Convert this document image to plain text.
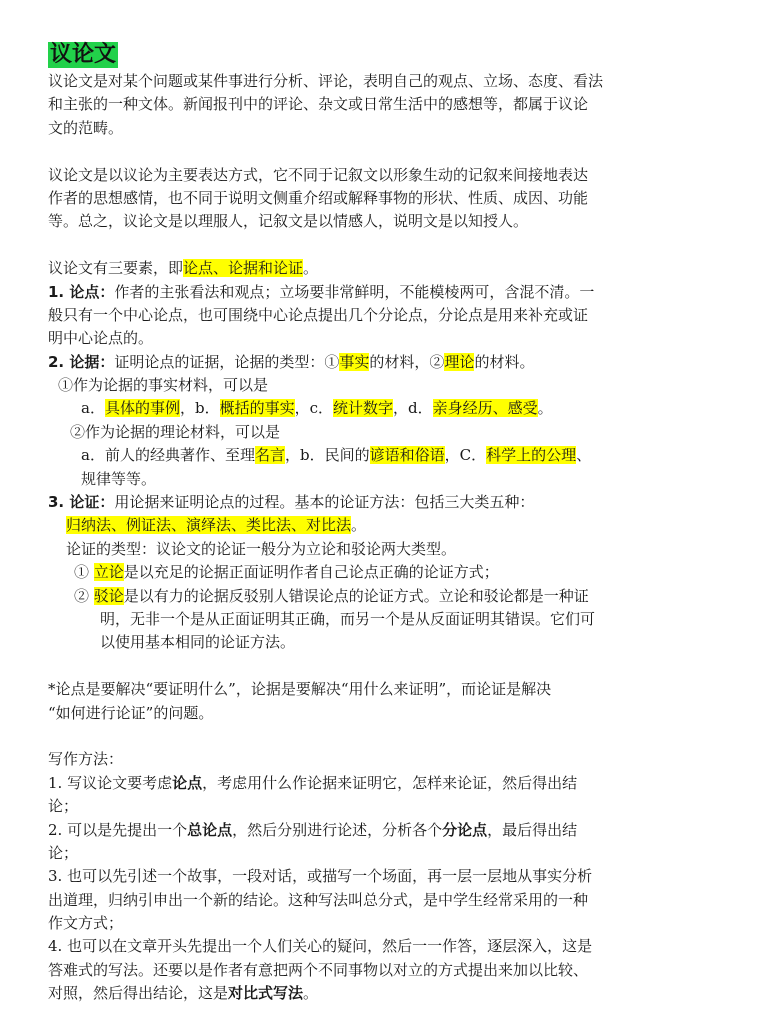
议论文
议论文是对某个问题或某件事进行分析、评论，表明自己的观点、立场、态度、看法
和主张的一种文体。新闻报刊中的评论、杂文或日常生活中的感想等，都属于议论
文的范畴。
议论文是以议论为主要表达方式，它不同于记叙文以形象生动的记叙来间接地表达
作者的思想感情，也不同于说明文侧重介绍或解释事物的形状、性质、成因、功能
等。总之，议论文是以理服人，记叙文是以情感人，说明文是以知授人。
议论文有三要素，即论点、论据和论证。
1. 论点：作者的主张看法和观点；立场要非常鲜明，不能模棱两可，含混不清。一
般只有一个中心论点，也可围绕中心论点提出几个分论点，分论点是用来补充或证
明中心论点的。
2. 论据：证明论点的证据，论据的类型：①事实的材料，②理论的材料。
①作为论据的事实材料，可以是
a．具体的事例，b．概括的事实，c．统计数字，d．亲身经历、感受。
②作为论据的理论材料，可以是
a．前人的经典著作、至理名言，b．民间的谚语和俗语，C．科学上的公理、
规律等等。
3. 论证：用论据来证明论点的过程。基本的论证方法：包括三大类五种：
归纳法、例证法、演绎法、类比法、对比法。
论证的类型：议论文的论证一般分为立论和驳论两大类型。
① 立论是以充足的论据正面证明作者自己论点正确的论证方式；
② 驳论是以有力的论据反驳别人错误论点的论证方式。立论和驳论都是一种证
明，无非一个是从正面证明其正确，而另一个是从反面证明其错误。它们可
以使用基本相同的论证方法。
*论点是要解决“要证明什么”，论据是要解决“用什么来证明”，而论证是解决
“如何进行论证”的问题。
写作方法：
1. 写议论文要考虑论点，考虑用什么作论据来证明它，怎样来论证，然后得出结
论；
2. 可以是先提出一个总论点，然后分别进行论述，分析各个分论点，最后得出结
论；
3. 也可以先引述一个故事，一段对话，或描写一个场面，再一层一层地从事实分析
出道理，归纳引申出一个新的结论。这种写法叫总分式，是中学生经常采用的一种
作文方式；
4. 也可以在文章开头先提出一个人们关心的疑问，然后一一作答，逐层深入，这是
答难式的写法。还要以是作者有意把两个不同事物以对立的方式提出来加以比较、
对照，然后得出结论，这是对比式写法。
